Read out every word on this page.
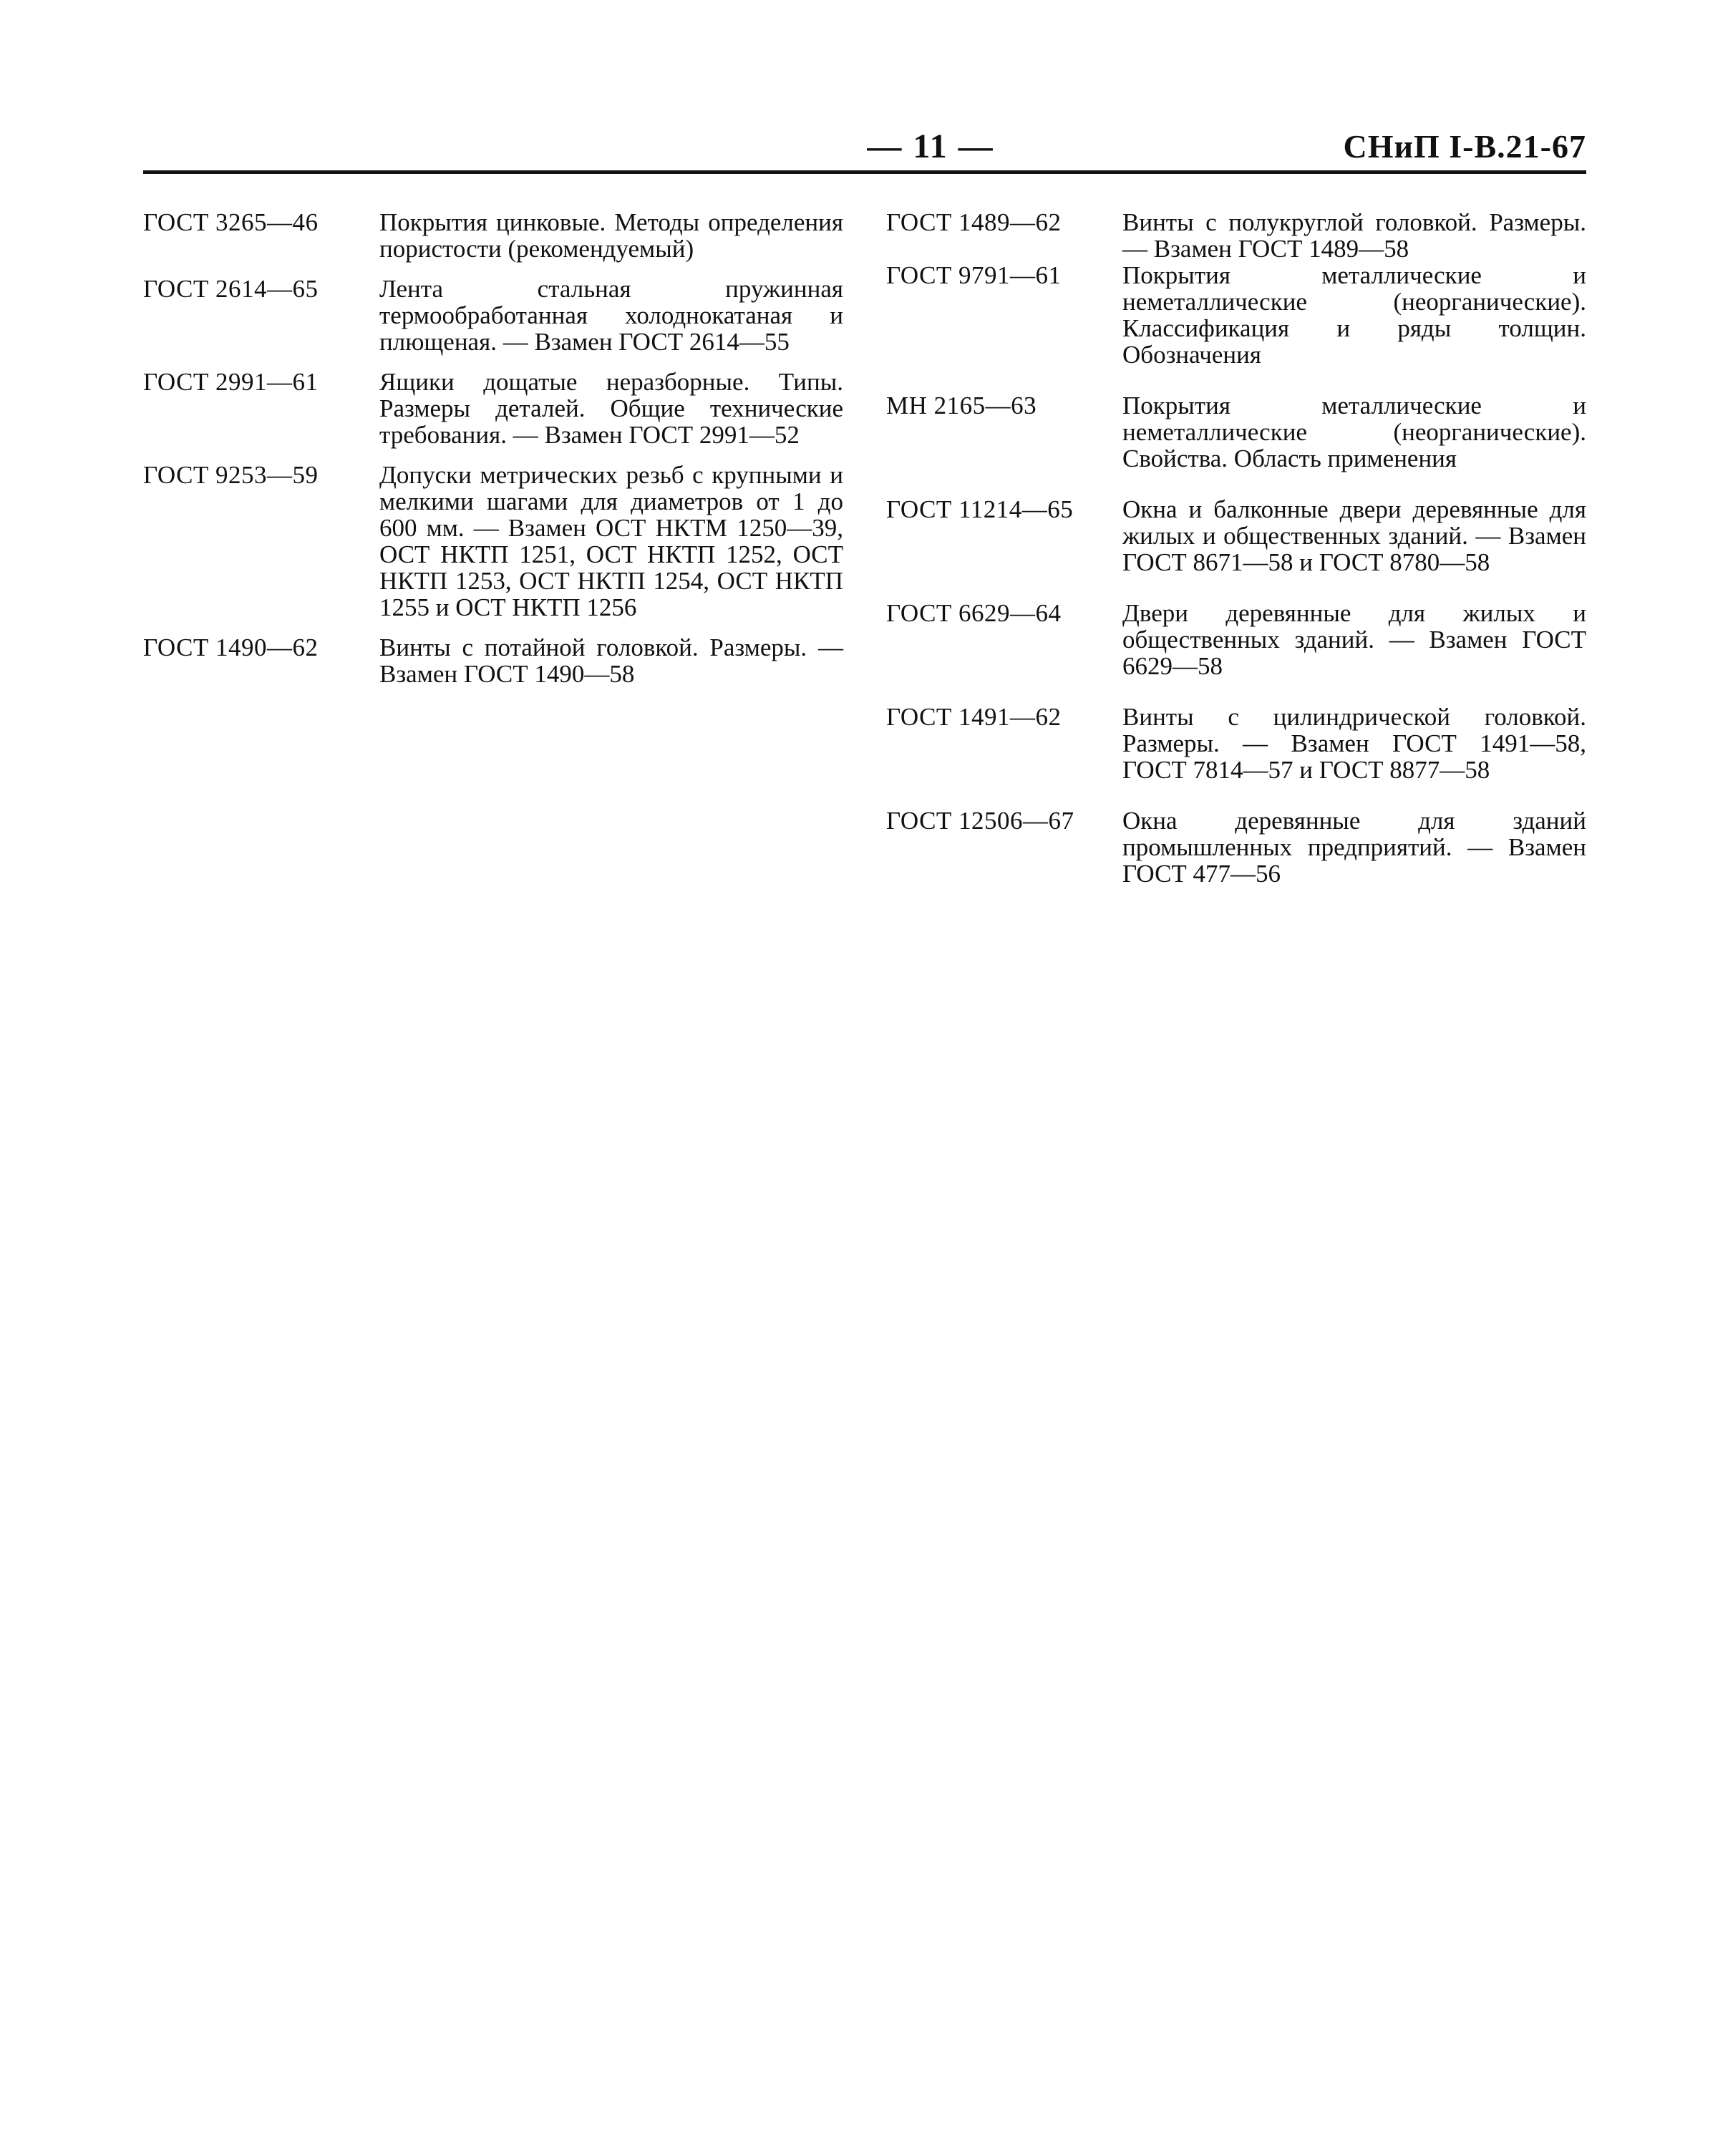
— 11 —	СНиП I-В.21-67
ГОСТ 3265—46	Покрытия цинковые. Методы определения пористости (рекомендуемый)
ГОСТ 2614—65	Лента стальная пружинная термообработанная холоднокатаная и плющеная. — Взамен ГОСТ 2614—55
ГОСТ 2991—61	Ящики дощатые неразборные. Типы. Размеры деталей. Общие технические требования. — Взамен ГОСТ 2991—52
ГОСТ 9253—59	Допуски метрических резьб с крупными и мелкими шагами для диаметров от 1 до 600 мм. — Взамен ОСТ НКТМ 1250—39, ОСТ НКТП 1251, ОСТ НКТП 1252, ОСТ НКТП 1253, ОСТ НКТП 1254, ОСТ НКТП 1255 и ОСТ НКТП 1256
ГОСТ 1490—62	Винты с потайной головкой. Размеры. — Взамен ГОСТ 1490—58
ГОСТ 1489—62	Винты с полукруглой головкой. Размеры. — Взамен ГОСТ 1489—58
ГОСТ 9791—61	Покрытия металлические и неметаллические (неорганические). Классификация и ряды толщин. Обозначения
МН 2165—63	Покрытия металлические и неметаллические (неорганические). Свойства. Область применения
ГОСТ 11214—65	Окна и балконные двери деревянные для жилых и общественных зданий. — Взамен ГОСТ 8671—58 и ГОСТ 8780—58
ГОСТ 6629—64	Двери деревянные для жилых и общественных зданий. — Взамен ГОСТ 6629—58
ГОСТ 1491—62	Винты с цилиндрической головкой. Размеры. — Взамен ГОСТ 1491—58, ГОСТ 7814—57 и ГОСТ 8877—58
ГОСТ 12506—67	Окна деревянные для зданий промышленных предприятий. — Взамен ГОСТ 477—56
